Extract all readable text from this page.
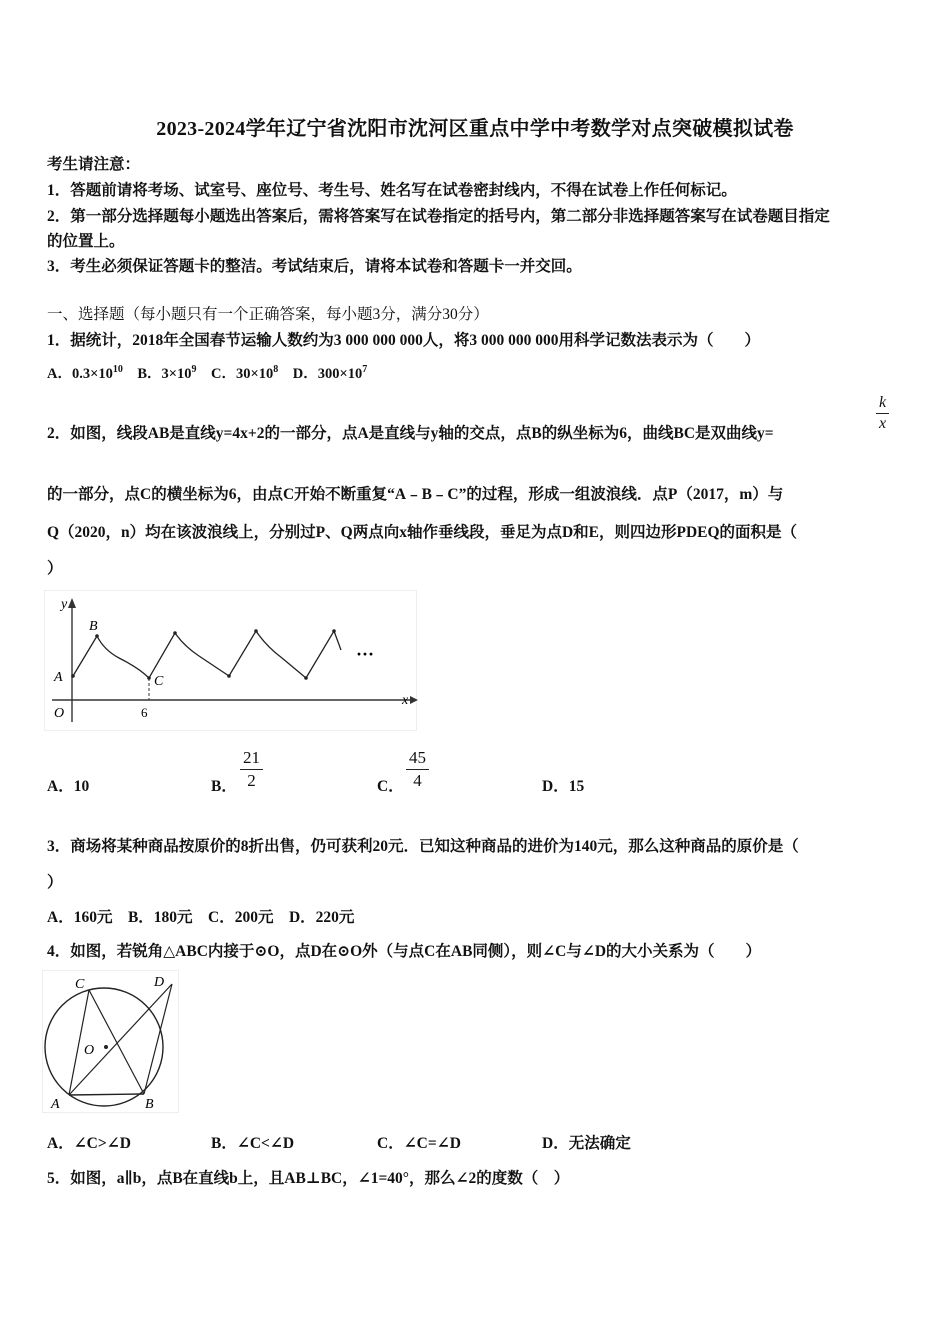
2023-2024学年辽宁省沈阳市沈河区重点中学中考数学对点突破模拟试卷
考生请注意：
1．答题前请将考场、试室号、座位号、考生号、姓名写在试卷密封线内，不得在试卷上作任何标记。
2．第一部分选择题每小题选出答案后，需将答案写在试卷指定的括号内，第二部分非选择题答案写在试卷题目指定
的位置上。
3．考生必须保证答题卡的整洁。考试结束后，请将本试卷和答题卡一并交回。
一、选择题（每小题只有一个正确答案，每小题3分，满分30分）
1．据统计，2018年全国春节运输人数约为3 000 000 000人，将3 000 000 000用科学记数法表示为（　　）
A．$0.3\times 10^{10}$ B．$3\times 10^9$ C．$30\times 10^8$ D．$300\times 10^7$
2．如图，线段AB是直线y=4x+2的一部分，点A是直线与y轴的交点，点B的纵坐标为6，曲线BC是双曲线y=
k
x
的一部分，点C的横坐标为6，由点C开始不断重复“A﹣B﹣C”的过程，形成一组波浪线．点P（2017，m）与
Q（2020，n）均在该波浪线上，分别过P、Q两点向x轴作垂线段，垂足为点D和E，则四边形PDEQ的面积是（
）
y
x
A
B
C
O	6
···
A．10	B．
21
2	C．
45
4	D．15
3．商场将某种商品按原价的8折出售，仍可获利20元．已知这种商品的进价为140元，那么这种商品的原价是（
）
A．160元　B．180元　C．200元　D．220元
4．如图，若锐角△ABC内接于⊙O，点D在⊙O外（与点C在AB同侧），则∠C与∠D的大小关系为（　　）
C	D
O
A	B
A．∠C>∠D	B．∠C<∠D	C．∠C=∠D	D．无法确定
5．如图，a∥b，点B在直线b上，且AB⊥BC，∠1=40°，那么∠2的度数（　）
